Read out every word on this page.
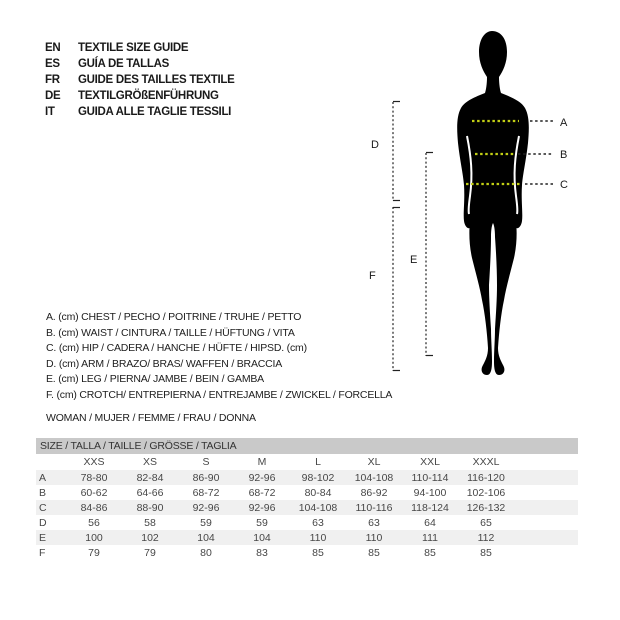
EN	TEXTILE SIZE GUIDE
ES	GUÍA DE TALLAS
FR	GUIDE DES TAILLES TEXTILE
DE	TEXTILGRÖßENFÜHRUNG
IT	GUIDA ALLE TAGLIE TESSILI
A
B
C
D
F
E
A. (cm) CHEST / PECHO / POITRINE / TRUHE / PETTO
B. (cm) WAIST / CINTURA / TAILLE / HÜFTUNG / VITA
C. (cm) HIP / CADERA / HANCHE / HÜFTE / HIPSD. (cm)
D. (cm) ARM / BRAZO/ BRAS/ WAFFEN / BRACCIA
E. (cm) LEG / PIERNA/ JAMBE / BEIN / GAMBA
F. (cm) CROTCH/ ENTREPIERNA / ENTREJAMBE / ZWICKEL / FORCELLA
WOMAN / MUJER / FEMME / FRAU / DONNA
SIZE / TALLA / TAILLE / GRÖSSE / TAGLIA
	XXS	XS	S	M	L	XL	XXL	XXXL	
A	78-80	82-84	86-90	92-96	98-102	104-108	110-114	116-120	
B	60-62	64-66	68-72	68-72	80-84	86-92	94-100	102-106	
C	84-86	88-90	92-96	92-96	104-108	110-116	118-124	126-132	
D	56	58	59	59	63	63	64	65	
E	100	102	104	104	110	110	111	112	
F	79	79	80	83	85	85	85	85	
